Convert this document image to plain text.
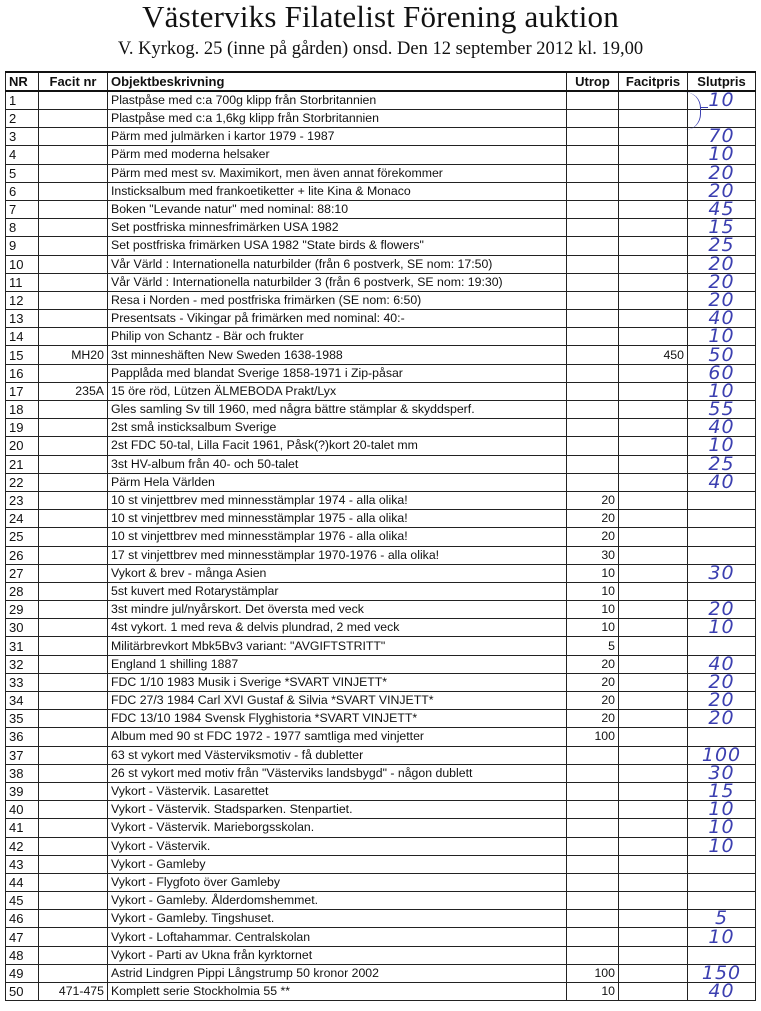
Västerviks Filatelist Förening auktion
V. Kyrkog. 25 (inne på gården) onsd. Den 12 september 2012 kl. 19,00
NR	Facit nr	Objektbeskrivning	Utrop	Facitpris	Slutpris
1		Plastpåse med c:a 700g klipp från Storbritannien			10
2		Plastpåse med c:a 1,6kg klipp från Storbritannien			
3		Pärm med julmärken i kartor 1979 - 1987			70
4		Pärm med moderna helsaker			10
5		Pärm med mest sv. Maximikort, men även annat förekommer			20
6		Insticksalbum med frankoetiketter + lite Kina & Monaco			20
7		Boken "Levande natur" med nominal: 88:10			45
8		Set postfriska minnesfrimärken USA 1982			15
9		Set postfriska frimärken USA 1982 "State birds & flowers"			25
10		Vår Värld : Internationella naturbilder (från 6 postverk, SE nom: 17:50)			20
11		Vår Värld : Internationella naturbilder 3 (från 6 postverk, SE nom: 19:30)			20
12		Resa i Norden - med postfriska frimärken (SE nom: 6:50)			20
13		Presentsats - Vikingar på frimärken med nominal: 40:-			40
14		Philip von Schantz - Bär och frukter			10
15	MH20	3st minneshäften New Sweden 1638-1988		450	50
16		Papplåda med blandat Sverige 1858-1971 i Zip-påsar			60
17	235A	15 öre röd, Lützen ÄLMEBODA Prakt/Lyx			10
18		Gles samling Sv till 1960, med några bättre stämplar & skyddsperf.			55
19		2st små insticksalbum Sverige			40
20		2st FDC 50-tal, Lilla Facit 1961, Påsk(?)kort 20-talet mm			10
21		3st HV-album från 40- och 50-talet			25
22		Pärm Hela Världen			40
23		10 st vinjettbrev med minnesstämplar 1974 - alla olika!	20		
24		10 st vinjettbrev med minnesstämplar 1975 - alla olika!	20		
25		10 st vinjettbrev med minnesstämplar 1976 - alla olika!	20		
26		17 st vinjettbrev med minnesstämplar 1970-1976 - alla olika!	30		
27		Vykort & brev - många Asien	10		30
28		5st kuvert med Rotarystämplar	10		
29		3st mindre jul/nyårskort. Det översta med veck	10		20
30		4st vykort. 1 med reva & delvis plundrad, 2 med veck	10		10
31		Militärbrevkort Mbk5Bv3 variant: "AVGIFTSTRITT"	5		
32		England 1 shilling 1887	20		40
33		FDC 1/10 1983 Musik i Sverige *SVART VINJETT*	20		20
34		FDC 27/3 1984 Carl XVI Gustaf & Silvia *SVART VINJETT*	20		20
35		FDC 13/10 1984 Svensk Flyghistoria *SVART VINJETT*	20		20
36		Album med 90 st FDC 1972 - 1977 samtliga med vinjetter	100		
37		63 st vykort med Västerviksmotiv - få dubletter			100
38		26 st vykort med motiv från "Västerviks landsbygd" - någon dublett			30
39		Vykort - Västervik. Lasarettet			15
40		Vykort - Västervik. Stadsparken. Stenpartiet.			10
41		Vykort - Västervik. Marieborgsskolan.			10
42		Vykort - Västervik.			10
43		Vykort - Gamleby			
44		Vykort - Flygfoto över Gamleby			
45		Vykort - Gamleby. Ålderdomshemmet.			
46		Vykort - Gamleby. Tingshuset.			5
47		Vykort - Loftahammar. Centralskolan			10
48		Vykort - Parti av Ukna från kyrktornet			
49		Astrid Lindgren Pippi Långstrump 50 kronor 2002	100		150
50	471-475	Komplett serie Stockholmia 55 **	10		40
